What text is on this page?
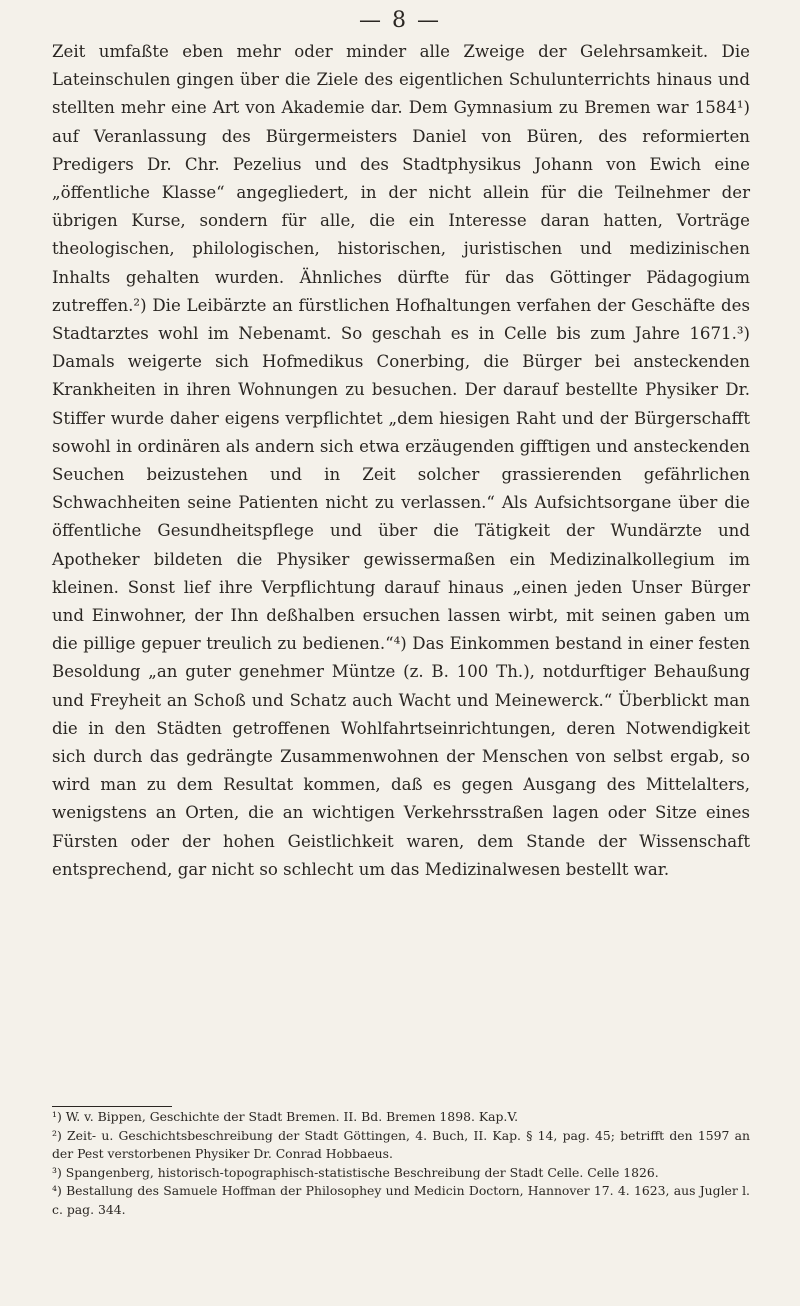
— 8 —

Zeit umfaßte eben mehr oder minder alle Zweige der Gelehrsamkeit. Die Lateinschulen gingen über die Ziele des eigentlichen Schulunterrichts hinaus und stellten mehr eine Art von Akademie dar. Dem Gymnasium zu Bremen war 1584¹) auf Veranlassung des Bürgermeisters Daniel von Büren, des reformierten Predigers Dr. Chr. Pezelius und des Stadtphysikus Johann von Ewich eine „öffentliche Klasse“ angegliedert, in der nicht allein für die Teilnehmer der übrigen Kurse, sondern für alle, die ein Interesse daran hatten, Vorträge theologischen, philologischen, historischen, juristischen und medizinischen Inhalts gehalten wurden. Ähnliches dürfte für das Göttinger Pädagogium zutreffen.²) Die Leibärzte an fürstlichen Hofhaltungen verfahen der Geschäfte des Stadtarztes wohl im Nebenamt. So geschah es in Celle bis zum Jahre 1671.³) Damals weigerte sich Hofmedikus Conerbing, die Bürger bei ansteckenden Krankheiten in ihren Wohnungen zu besuchen. Der darauf bestellte Physiker Dr. Stiffer wurde daher eigens verpflichtet „dem hiesigen Raht und der Bürgerschafft sowohl in ordinären als andern sich etwa erzäugenden gifftigen und ansteckenden Seuchen beizustehen und in Zeit solcher grassierenden gefährlichen Schwachheiten seine Patienten nicht zu verlassen.“ Als Aufsichtsorgane über die öffentliche Gesundheitspflege und über die Tätigkeit der Wundärzte und Apotheker bildeten die Physiker gewissermaßen ein Medizinalkollegium im kleinen. Sonst lief ihre Verpflichtung darauf hinaus „einen jeden Unser Bürger und Einwohner, der Ihn deßhalben ersuchen lassen wirbt, mit seinen gaben um die pillige gepuer treulich zu bedienen.“⁴) Das Einkommen bestand in einer festen Besoldung „an guter genehmer Müntze (z. B. 100 Th.), notdurftiger Behaußung und Freyheit an Schoß und Schatz auch Wacht und Meinewerck.“ Überblickt man die in den Städten getroffenen Wohlfahrtseinrichtungen, deren Notwendigkeit sich durch das gedrängte Zusammenwohnen der Menschen von selbst ergab, so wird man zu dem Resultat kommen, daß es gegen Ausgang des Mittelalters, wenigstens an Orten, die an wichtigen Verkehrsstraßen lagen oder Sitze eines Fürsten oder der hohen Geistlichkeit waren, dem Stande der Wissenschaft entsprechend, gar nicht so schlecht um das Medizinalwesen bestellt war.

¹) W. v. Bippen, Geschichte der Stadt Bremen. II. Bd. Bremen 1898. Kap.V.

²) Zeit- u. Geschichtsbeschreibung der Stadt Göttingen, 4. Buch, II. Kap. § 14, pag. 45; betrifft den 1597 an der Pest verstorbenen Physiker Dr. Conrad Hobbaeus.

³) Spangenberg, historisch-topographisch-statistische Beschreibung der Stadt Celle. Celle 1826.

⁴) Bestallung des Samuele Hoffman der Philosophey und Medicin Doctorn, Hannover 17. 4. 1623, aus Jugler l. c. pag. 344.
